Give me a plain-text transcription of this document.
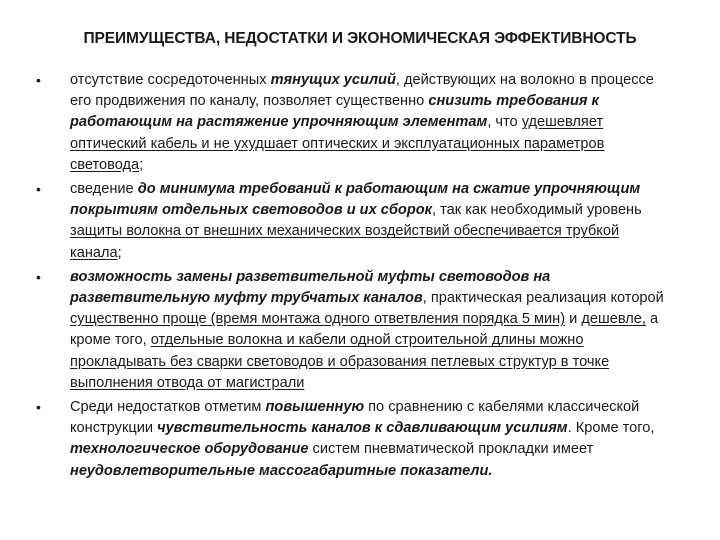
ПРЕИМУЩЕСТВА, НЕДОСТАТКИ И ЭКОНОМИЧЕСКАЯ ЭФФЕКТИВНОСТЬ
• отсутствие сосредоточенных тянущих усилий, действующих на волокно в процессе его продвижения по каналу, позволяет существенно снизить требования к работающим на растяжение упрочняющим элементам, что удешевляет оптический кабель и не ухудшает оптических и эксплуатационных параметров световода;
• сведение до минимума требований к работающим на сжатие упрочняющим покрытиям отдельных световодов и их сборок, так как необходимый уровень защиты волокна от внешних механических воздействий обеспечивается трубкой канала;
• возможность замены разветвительной муфты световодов на разветвительную муфту трубчатых каналов, практическая реализация которой существенно проще (время монтажа одного ответвления порядка 5 мин) и дешевле, а кроме того, отдельные волокна и кабели одной строительной длины можно прокладывать без сварки световодов и образования петлевых структур в точке выполнения отвода от магистрали
• Среди недостатков отметим повышенную по сравнению с кабелями классической конструкции чувствительность каналов к сдавливающим усилиям. Кроме того, технологическое оборудование систем пневматической прокладки имеет неудовлетворительные массогабаритные показатели.
